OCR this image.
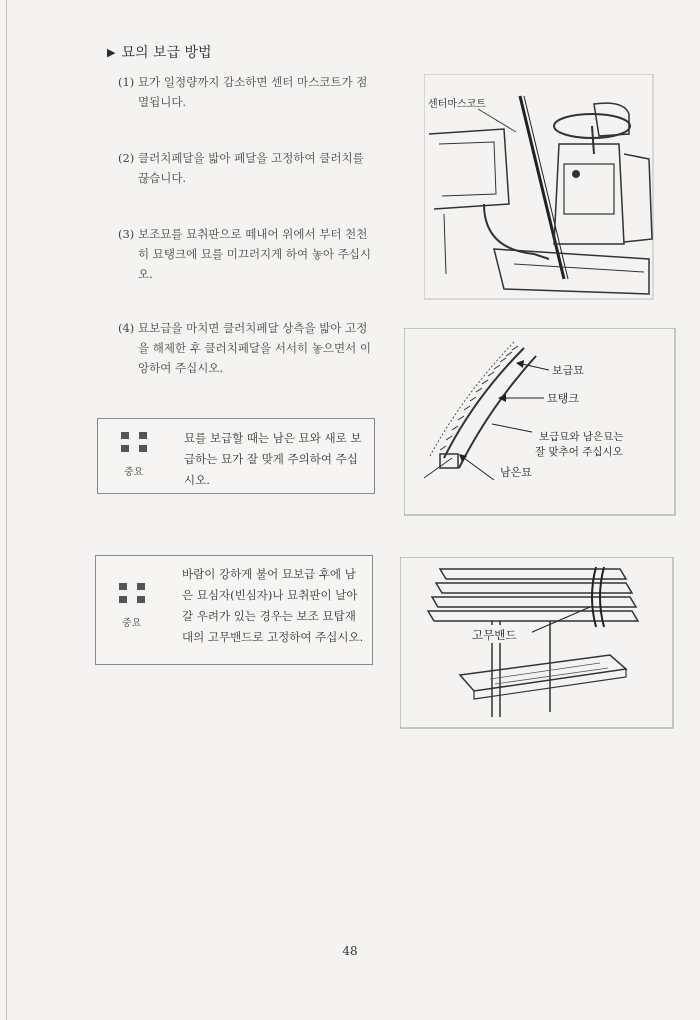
▶ 묘의 보급 방법
(1) 묘가 일정량까지 감소하면 센터 마스코트가 점멸됩니다.
(2) 클러치페달을 밟아 페달을 고정하여 클러치를 끊습니다.
(3) 보조묘를 묘취판으로 떼내어 위에서 부터 천천히 묘탱크에 묘를 미끄러지게 하여 놓아 주십시오.
(4) 묘보급을 마치면 클러치페달 상측을 밟아 고정을 해제한 후 클러치페달을 서서히 놓으면서 이앙하여 주십시오.
중요
묘를 보급할 때는 남은 묘와 새로 보급하는 묘가 잘 맞게 주의하여 주십시오.
중요
바람이 강하게 불어 묘보급 후에 남은 묘심자(빈심자)나 묘취판이 날아갈 우려가 있는 경우는 보조 묘탑재대의 고무밴드로 고정하여 주십시오.
센터마스코트
보급묘
묘탱크
보급묘와 남은묘는 잘 맞추어 주십시오
남은묘
고무밴드
48
